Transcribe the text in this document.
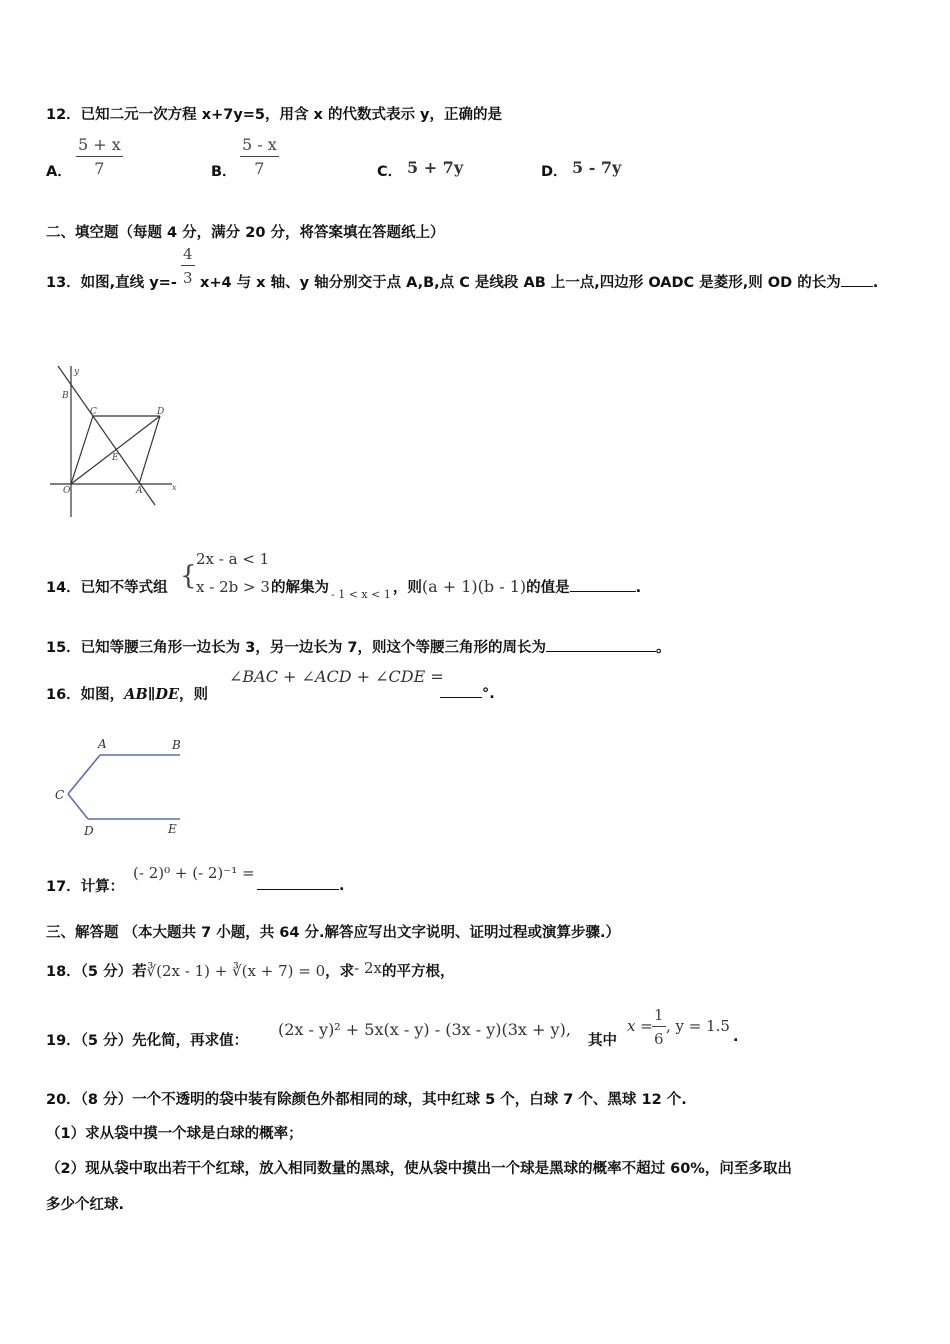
12．已知二元一次方程 x+7y=5，用含 x 的代数式表示 y，正确的是
A． $\frac{5 + x}{7}$	B． $\frac{5 - x}{7}$	C． 5 + 7y	D． 5 - 7y
二、填空题（每题 4 分，满分 20 分，将答案填在答题纸上）
13．如图,直线 $y=- \frac{4}{3} x+4$ 与 x 轴、y 轴分别交于点 A,B,点 C 是线段 AB 上一点,四边形 OADC 是菱形,则 OD 的长为 .
y
B
C	D
E
O	A	x
14．已知不等式组 {
2x - a < 1
x - 2b > 3 的解集为 $_{- 1 < x < 1}$ ，则(a + 1)(b - 1)的值是	.
15．已知等腰三角形一边长为 3，另一边长为 7，则这个等腰三角形的周长为	。
16．如图，AB∥DE，则
∠BAC + ∠ACD + ∠CDE =
°.
A	B
C
D	E
17．计算：
(- 2)⁰ + (- 2)⁻¹ =
.
三、解答题 （本大题共 7 小题，共 64 分.解答应写出文字说明、证明过程或演算步骤.）
18．（5 分）若∛(2x - 1) + ∛(x + 7) = 0，求- 2x的平方根，
19．（5 分）先化简，再求值：
(2x - y)² + 5x(x - y) - (3x - y)(3x + y),
其中
$x = \frac{1}{6}$ , y = 1.5
.
20．（8 分）一个不透明的袋中装有除颜色外都相同的球，其中红球 5 个，白球 7 个、黑球 12 个.
（1）求从袋中摸一个球是白球的概率；
（2）现从袋中取出若干个红球，放入相同数量的黑球，使从袋中摸出一个球是黑球的概率不超过 60%，问至多取出
多少个红球.
